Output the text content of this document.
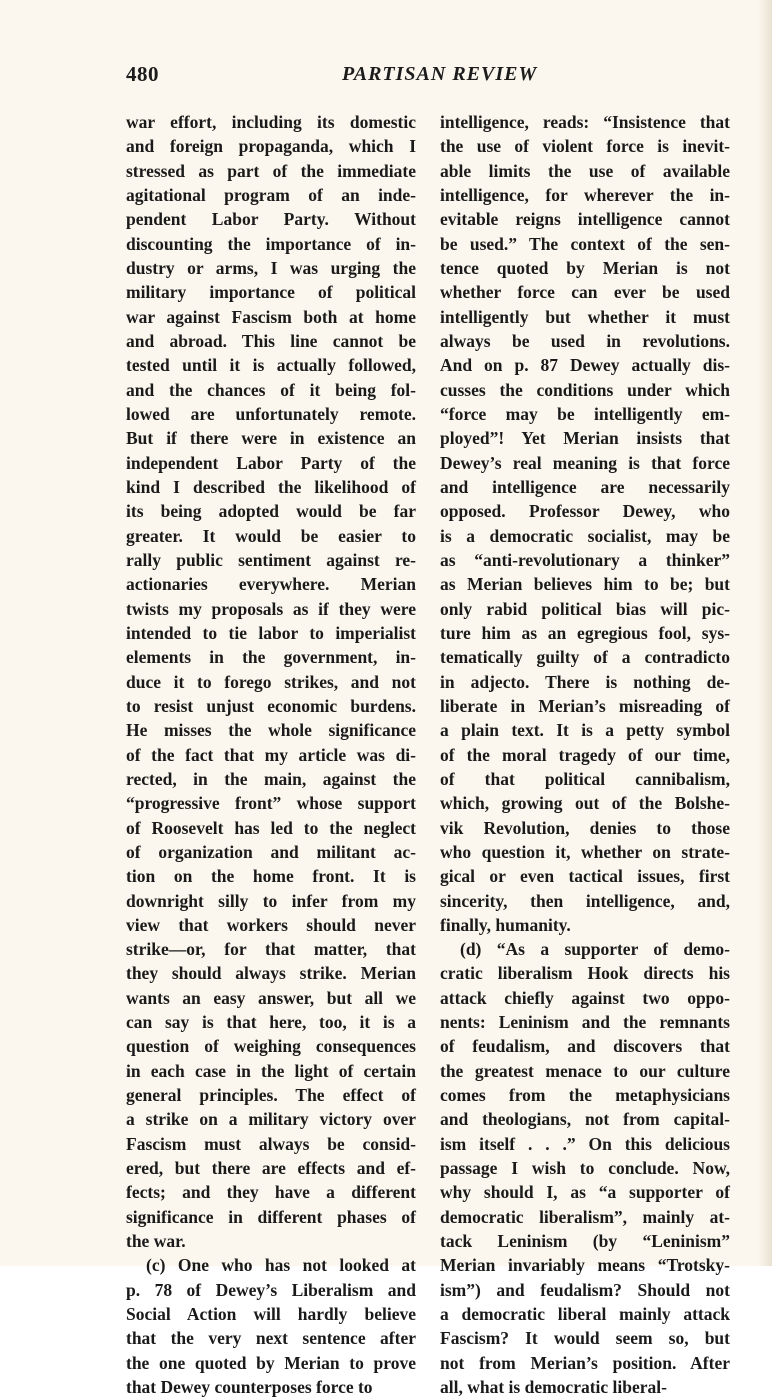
480	PARTISAN REVIEW
war effort, including its domestic
and foreign propaganda, which I
stressed as part of the immediate
agitational program of an inde-
pendent Labor Party. Without
discounting the importance of in-
dustry or arms, I was urging the
military importance of political
war against Fascism both at home
and abroad. This line cannot be
tested until it is actually followed,
and the chances of it being fol-
lowed are unfortunately remote.
But if there were in existence an
independent Labor Party of the
kind I described the likelihood of
its being adopted would be far
greater. It would be easier to
rally public sentiment against re-
actionaries everywhere. Merian
twists my proposals as if they were
intended to tie labor to imperialist
elements in the government, in-
duce it to forego strikes, and not
to resist unjust economic burdens.
He misses the whole significance
of the fact that my article was di-
rected, in the main, against the
“progressive front” whose support
of Roosevelt has led to the neglect
of organization and militant ac-
tion on the home front. It is
downright silly to infer from my
view that workers should never
strike—or, for that matter, that
they should always strike. Merian
wants an easy answer, but all we
can say is that here, too, it is a
question of weighing consequences
in each case in the light of certain
general principles. The effect of
a strike on a military victory over
Fascism must always be consid-
ered, but there are effects and ef-
fects; and they have a different
significance in different phases of
the war.
(c) One who has not looked at
p. 78 of Dewey’s Liberalism and
Social Action will hardly believe
that the very next sentence after
the one quoted by Merian to prove
that Dewey counterposes force to
intelligence, reads: “Insistence that
the use of violent force is inevit-
able limits the use of available
intelligence, for wherever the in-
evitable reigns intelligence cannot
be used.” The context of the sen-
tence quoted by Merian is not
whether force can ever be used
intelligently but whether it must
always be used in revolutions.
And on p. 87 Dewey actually dis-
cusses the conditions under which
“force may be intelligently em-
ployed”! Yet Merian insists that
Dewey’s real meaning is that force
and intelligence are necessarily
opposed. Professor Dewey, who
is a democratic socialist, may be
as “anti-revolutionary a thinker”
as Merian believes him to be; but
only rabid political bias will pic-
ture him as an egregious fool, sys-
tematically guilty of a contradicto
in adjecto. There is nothing de-
liberate in Merian’s misreading of
a plain text. It is a petty symbol
of the moral tragedy of our time,
of that political cannibalism,
which, growing out of the Bolshe-
vik Revolution, denies to those
who question it, whether on strate-
gical or even tactical issues, first
sincerity, then intelligence, and,
finally, humanity.
(d) “As a supporter of demo-
cratic liberalism Hook directs his
attack chiefly against two oppo-
nents: Leninism and the remnants
of feudalism, and discovers that
the greatest menace to our culture
comes from the metaphysicians
and theologians, not from capital-
ism itself . . .” On this delicious
passage I wish to conclude. Now,
why should I, as “a supporter of
democratic liberalism”, mainly at-
tack Leninism (by “Leninism”
Merian invariably means “Trotsky-
ism”) and feudalism? Should not
a democratic liberal mainly attack
Fascism? It would seem so, but
not from Merian’s position. After
all, what is democratic liberal-
